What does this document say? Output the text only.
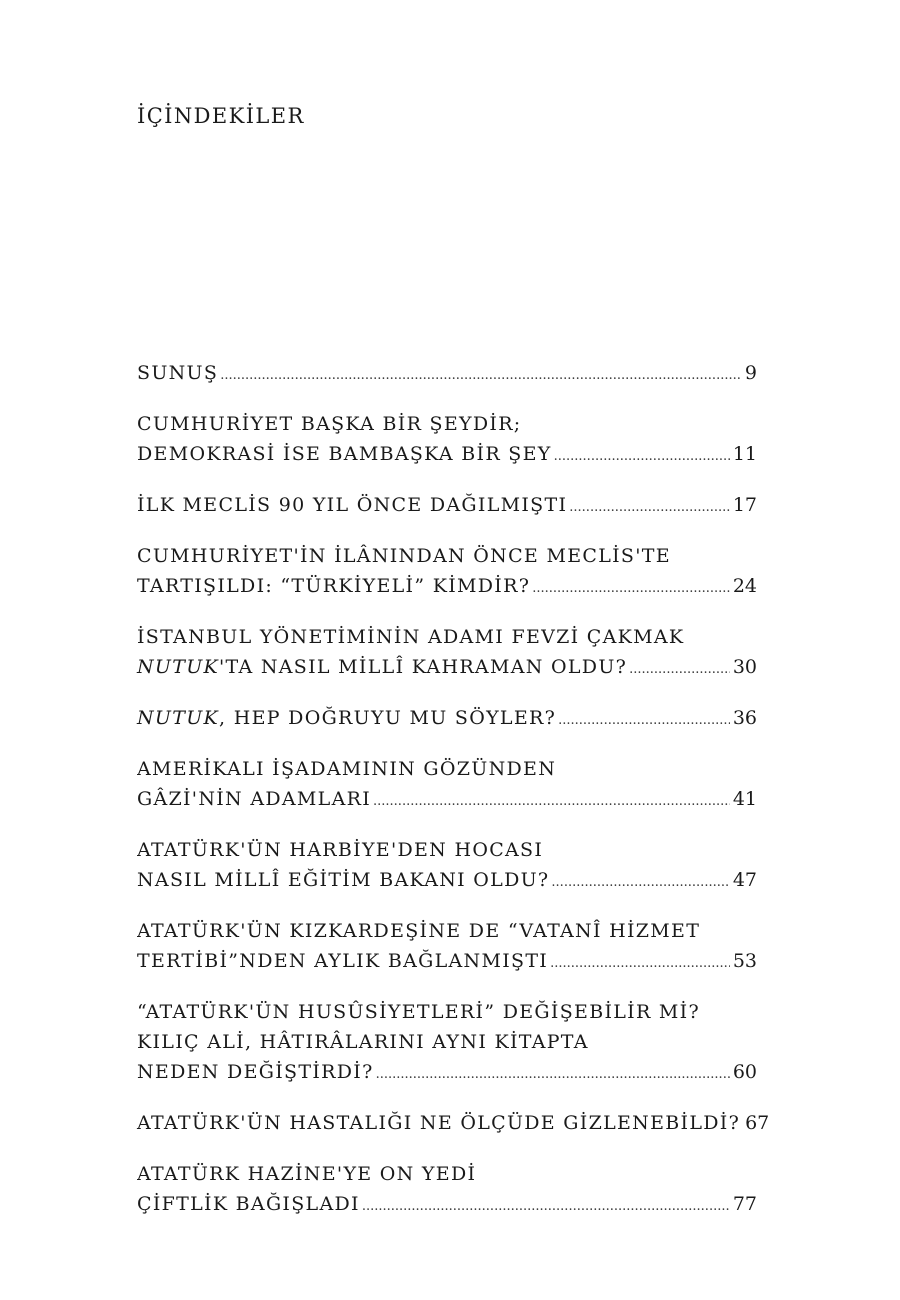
İÇİNDEKİLER
SUNUŞ .....	9
CUMHURİYET BAŞKA BİR ŞEYDİR;
DEMOKRASİ İSE BAMBAŞKA BİR ŞEY .....	11
İLK MECLİS 90 YIL ÖNCE DAĞILMIŞTI .....	17
CUMHURİYET'İN İLÂNINDAN ÖNCE MECLİS'TE
TARTIŞILDI: “TÜRKİYELİ” KİMDİR? .....	24
İSTANBUL YÖNETİMİNİN ADAMI FEVZİ ÇAKMAK
NUTUK'TA NASIL MİLLÎ KAHRAMAN OLDU? .....	30
NUTUK, HEP DOĞRUYU MU SÖYLER? .....	36
AMERİKALI İŞADAMININ GÖZÜNDEN
GÂZİ'NİN ADAMLARI .....	41
ATATÜRK'ÜN HARBİYE'DEN HOCASI
NASIL MİLLÎ EĞİTİM BAKANI OLDU? .....	47
ATATÜRK'ÜN KIZKARDEŞİNE DE “VATANÎ HİZMET
TERTİBİ”NDEN AYLIK BAĞLANMIŞTI .....	53
“ATATÜRK'ÜN HUSÛSİYETLERİ” DEĞİŞEBİLİR Mİ?
KILIÇ ALİ, HÂTIRÂLARINI AYNI KİTAPTA
NEDEN DEĞİŞTİRDİ? .....	60
ATATÜRK'ÜN HASTALIĞI NE ÖLÇÜDE GİZLENEBİLDİ? 67
ATATÜRK HAZİNE'YE ON YEDİ
ÇİFTLİK BAĞIŞLADI .....	77
